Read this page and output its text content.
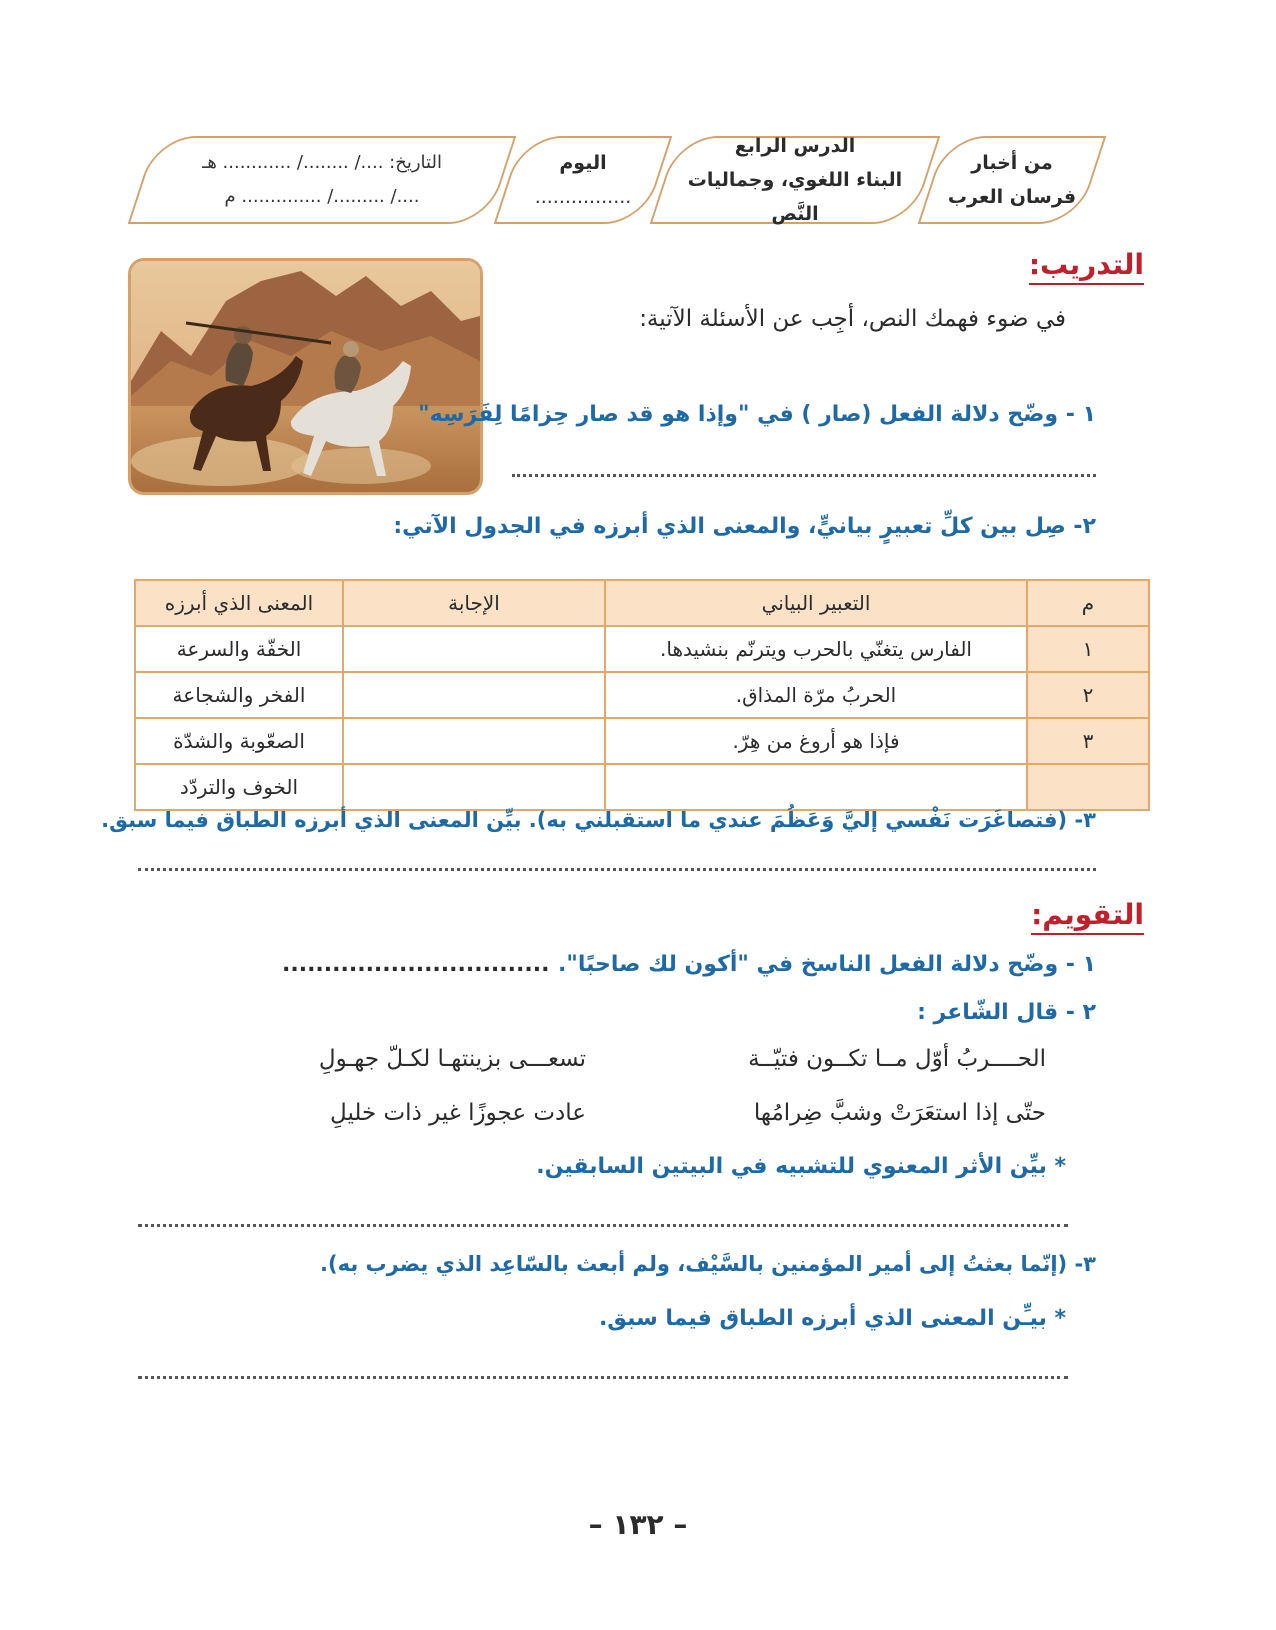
من أخبار
فرسان العرب
الدرس الرابع
البناء اللغوي، وجماليات النَّص
اليوم
................
التاريخ: ..../ ......../ ............ هـ
..../ ........./ .............. م
التدريب:
في ضوء فهمك النص، أجِب عن الأسئلة الآتية:
١ - وضّح دلالة الفعل (صار ) في "وإذا هو قد صار حِزامًا لِفَرَسِه"
٢- صِل بين كلِّ تعبيرٍ بيانيٍّ، والمعنى الذي أبرزه في الجدول الآتي:
م	التعبير البياني	الإجابة	المعنى الذي أبرزه
١	الفارس يتغنّي بالحرب ويترنّم بنشيدها.		الخفّة والسرعة
٢	الحربُ مرّة المذاق.		الفخر والشجاعة
٣	فإذا هو أروغ من هِرّ.		الصعّوبة والشدّة
			الخوف والتردّد
٣- (فتصاغَرَت نَفْسي إليَّ وَعَظُمَ عندي ما استقبلني به). بيِّن المعنى الذي أبرزه الطباق فيما سبق.
التقويم:
١ - وضّح دلالة الفعل الناسخ في "أكون لك صاحبًا".
................................
٢ - قال الشّاعر :
الحــــربُ أوّل مــا تكــون فتيّــة
تسعـــى بزينتهـا لكـلّ جهـولِ
حتّى إذا استعَرَتْ وشبَّ ضِرامُها
عادت عجوزًا غير ذات خليلِ
* بيِّن الأثر المعنوي للتشبيه في البيتين السابقين.
٣- (إنّما بعثتُ إلى أمير المؤمنين بالسَّيْف، ولم أبعث بالسّاعِد الذي يضرب به).
* بيـِّن المعنى الذي أبرزه الطباق فيما سبق.
– ١٣٢ –
